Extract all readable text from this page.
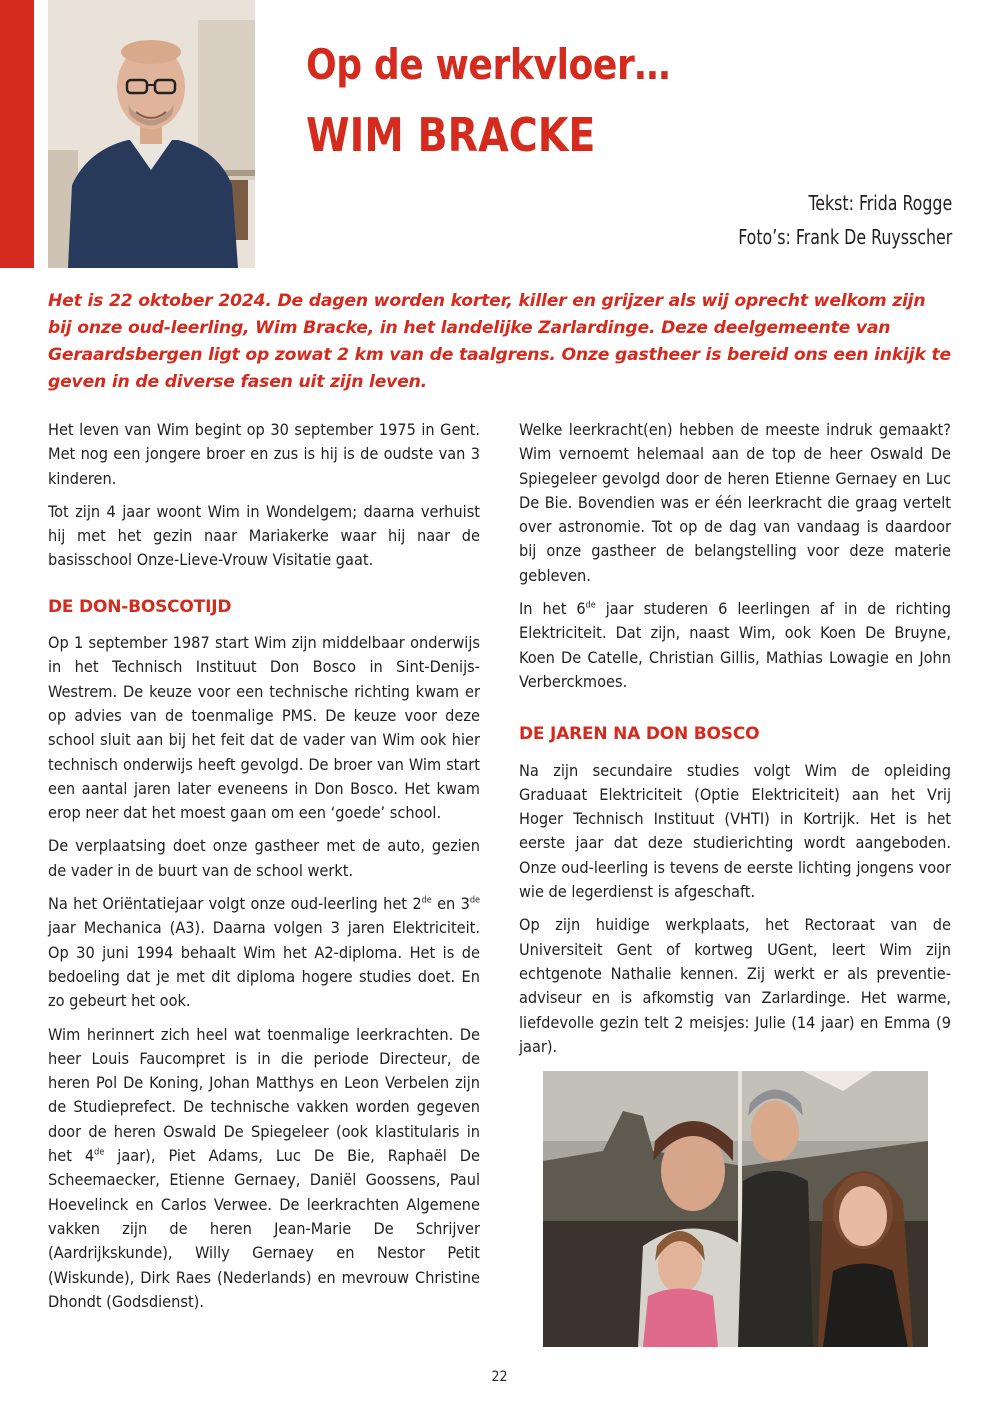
Op de werkvloer…
WIM BRACKE
Tekst: Frida Rogge
Foto’s: Frank De Ruysscher

Het is 22 oktober 2024. De dagen worden korter, killer en grijzer als wij oprecht welkom zijn bij onze oud-leerling, Wim Bracke, in het landelijke Zarlardinge. Deze deelgemeente van Geraardsbergen ligt op zowat 2 km van de taalgrens. Onze gastheer is bereid ons een inkijk te geven in de diverse fasen uit zijn leven.

Het leven van Wim begint op 30 september 1975 in Gent. Met nog een jongere broer en zus is hij is de oudste van 3 kinderen.

Tot zijn 4 jaar woont Wim in Wondelgem; daarna verhuist hij met het gezin naar Mariakerke waar hij naar de basisschool Onze-Lieve-Vrouw Visitatie gaat.

DE DON-BOSCOTIJD

Op 1 september 1987 start Wim zijn middelbaar onderwijs in het Technisch Instituut Don Bosco in Sint-Denijs-Westrem. De keuze voor een technische richting kwam er op advies van de toenmalige PMS. De keuze voor deze school sluit aan bij het feit dat de vader van Wim ook hier technisch onderwijs heeft gevolgd. De broer van Wim start een aantal jaren later eveneens in Don Bosco. Het kwam erop neer dat het moest gaan om een ‘goede’ school.

De verplaatsing doet onze gastheer met de auto, gezien de vader in de buurt van de school werkt.

Na het Oriëntatiejaar volgt onze oud-leerling het 2de en 3de jaar Mechanica (A3). Daarna volgen 3 jaren Elektriciteit. Op 30 juni 1994 behaalt Wim het A2-diploma. Het is de bedoeling dat je met dit diploma hogere studies doet. En zo gebeurt het ook.

Wim herinnert zich heel wat toenmalige leerkrachten. De heer Louis Faucompret is in die periode Directeur, de heren Pol De Koning, Johan Matthys en Leon Verbelen zijn de Studieprefect. De technische vakken worden gegeven door de heren Oswald De Spiegeleer (ook klastitularis in het 4de jaar), Piet Adams, Luc De Bie, Raphaël De Scheemaecker, Etienne Gernaey, Daniël Goossens, Paul Hoevelinck en Carlos Verwee. De leerkrachten Algemene vakken zijn de heren Jean-Marie De Schrijver (Aardrijkskunde), Willy Gernaey en Nestor Petit (Wiskunde), Dirk Raes (Nederlands) en mevrouw Christine Dhondt (Godsdienst).

Welke leerkracht(en) hebben de meeste indruk gemaakt? Wim vernoemt helemaal aan de top de heer Oswald De Spiegeleer gevolgd door de heren Etienne Gernaey en Luc De Bie. Bovendien was er één leerkracht die graag vertelt over astronomie. Tot op de dag van vandaag is daardoor bij onze gastheer de belangstelling voor deze materie gebleven.

In het 6de jaar studeren 6 leerlingen af in de richting Elektriciteit. Dat zijn, naast Wim, ook Koen De Bruyne, Koen De Catelle, Christian Gillis, Mathias Lowagie en John Verberckmoes.

DE JAREN NA DON BOSCO

Na zijn secundaire studies volgt Wim de opleiding Graduaat Elektriciteit (Optie Elektriciteit) aan het Vrij Hoger Technisch Instituut (VHTI) in Kortrijk. Het is het eerste jaar dat deze studierichting wordt aangeboden. Onze oud-leerling is tevens de eerste lichting jongens voor wie de legerdienst is afgeschaft.

Op zijn huidige werkplaats, het Rectoraat van de Universiteit Gent of kortweg UGent, leert Wim zijn echtgenote Nathalie kennen. Zij werkt er als preventie-adviseur en is afkomstig van Zarlardinge. Het warme, liefdevolle gezin telt 2 meisjes: Julie (14 jaar) en Emma (9 jaar).

22
